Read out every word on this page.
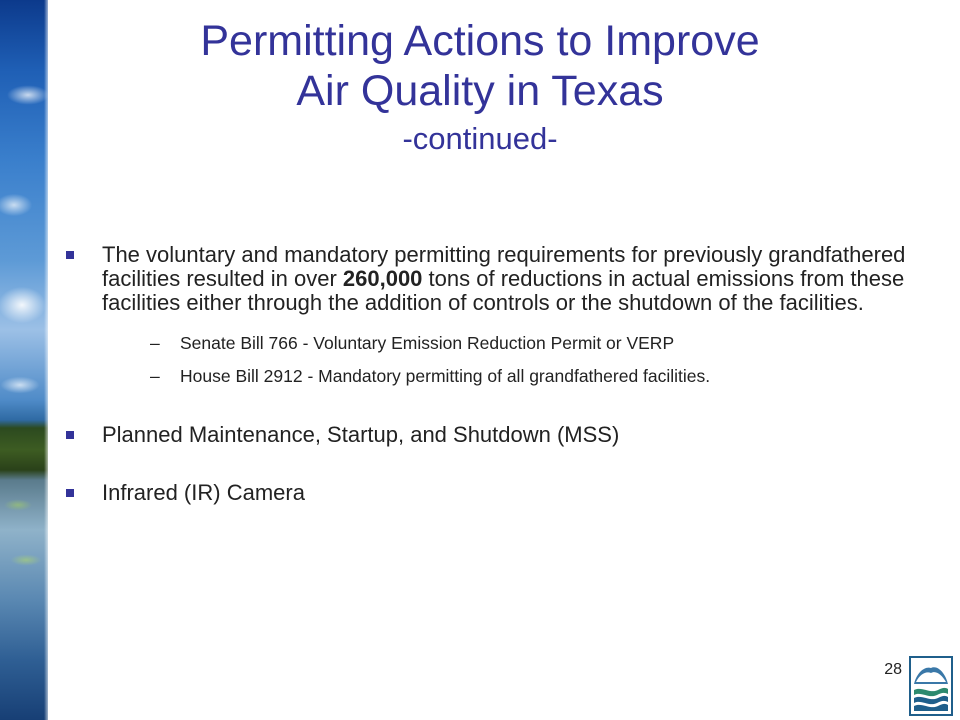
Permitting Actions to Improve
Air Quality in Texas
-continued-
The voluntary and mandatory permitting requirements for previously grandfathered facilities resulted in over 260,000 tons of reductions in actual emissions from these facilities either through the addition of controls or the shutdown of the facilities.
–	Senate Bill 766 - Voluntary Emission Reduction Permit or VERP
–	House Bill 2912 - Mandatory permitting of all grandfathered facilities.
Planned Maintenance, Startup, and Shutdown (MSS)
Infrared (IR) Camera
28
